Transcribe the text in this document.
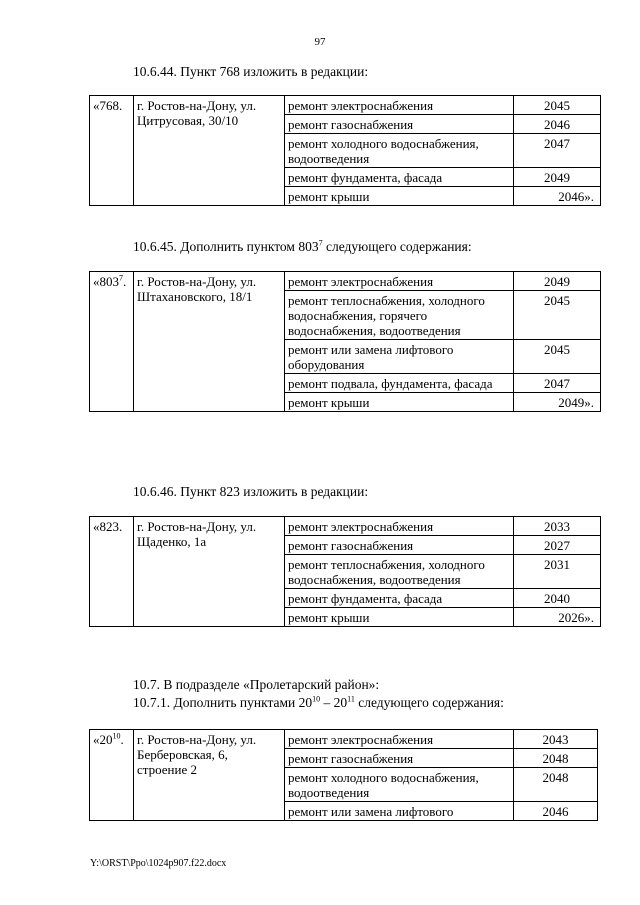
97
10.6.44. Пункт 768 изложить в редакции:
«768.	г. Ростов-на-Дону, ул. Цитрусовая, 30/10	ремонт электроснабжения	2045
		ремонт газоснабжения	2046
		ремонт холодного водоснабжения, водоотведения	2047
		ремонт фундамента, фасада	2049
		ремонт крыши	2046».
10.6.45. Дополнить пунктом $803^7$ следующего содержания:
«$803^7$.	г. Ростов-на-Дону, ул. Штахановского, 18/1	ремонт электроснабжения	2049
		ремонт теплоснабжения, холодного водоснабжения, горячего водоснабжения, водоотведения	2045
		ремонт или замена лифтового оборудования	2045
		ремонт подвала, фундамента, фасада	2047
		ремонт крыши	2049».
10.6.46. Пункт 823 изложить в редакции:
«823.	г. Ростов-на-Дону, ул. Щаденко, 1а	ремонт электроснабжения	2033
		ремонт газоснабжения	2027
		ремонт теплоснабжения, холодного водоснабжения, водоотведения	2031
		ремонт фундамента, фасада	2040
		ремонт крыши	2026».
10.7. В подразделе «Пролетарский район»:
10.7.1. Дополнить пунктами $20^{10} - 20^{11}$ следующего содержания:
«$20^{10}$.	г. Ростов-на-Дону, ул. Берберовская, 6, строение 2	ремонт электроснабжения	2043
		ремонт газоснабжения	2048
		ремонт холодного водоснабжения, водоотведения	2048
		ремонт или замена лифтового	2046
Y:\ORST\Ppo\1024p907.f22.docx
